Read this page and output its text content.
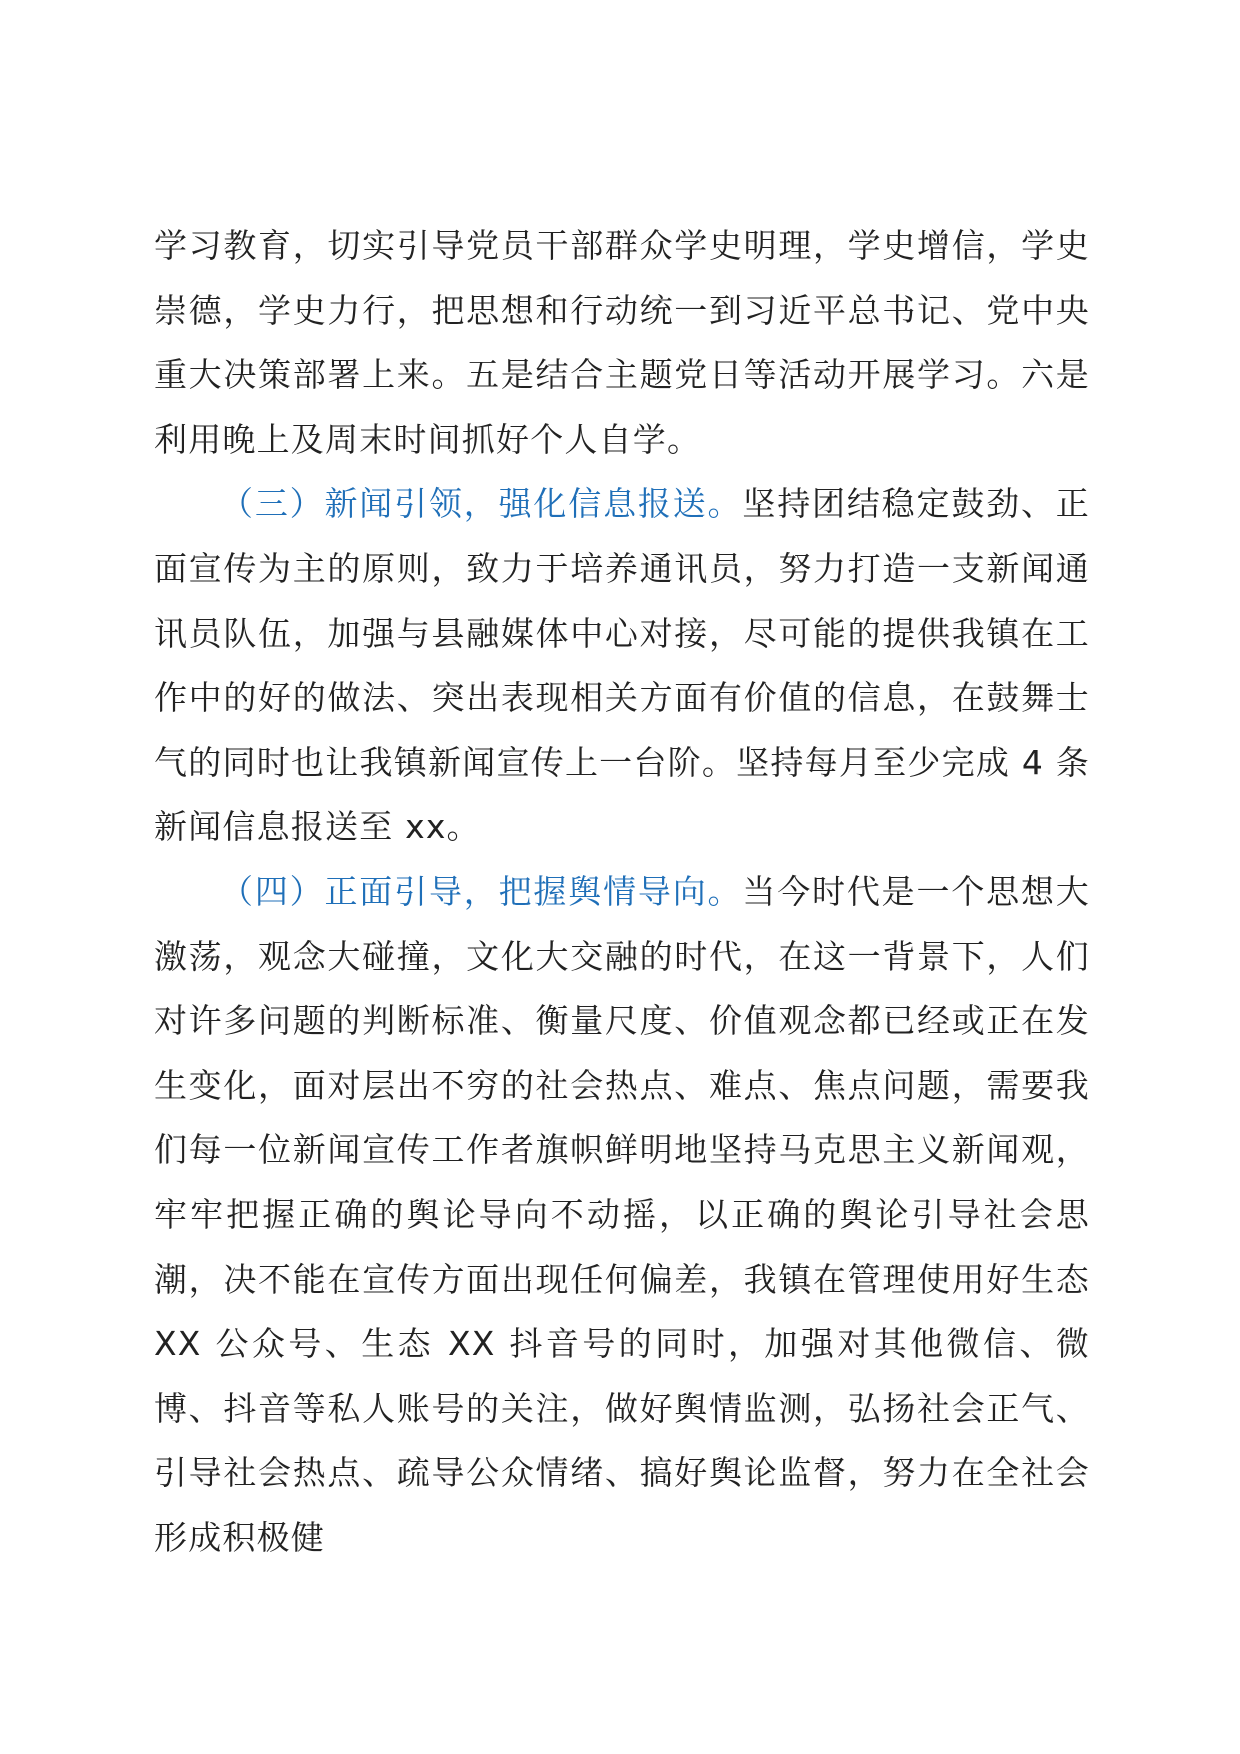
学习教育，切实引导党员干部群众学史明理，学史增信，学史崇德，学史力行，把思想和行动统一到习近平总书记、党中央重大决策部署上来。五是结合主题党日等活动开展学习。六是利用晚上及周末时间抓好个人自学。

（三）新闻引领，强化信息报送。坚持团结稳定鼓劲、正面宣传为主的原则，致力于培养通讯员，努力打造一支新闻通讯员队伍，加强与县融媒体中心对接，尽可能的提供我镇在工作中的好的做法、突出表现相关方面有价值的信息，在鼓舞士气的同时也让我镇新闻宣传上一台阶。坚持每月至少完成 4 条新闻信息报送至 xx。

（四）正面引导，把握舆情导向。当今时代是一个思想大激荡，观念大碰撞，文化大交融的时代，在这一背景下，人们对许多问题的判断标准、衡量尺度、价值观念都已经或正在发生变化，面对层出不穷的社会热点、难点、焦点问题，需要我们每一位新闻宣传工作者旗帜鲜明地坚持马克思主义新闻观，牢牢把握正确的舆论导向不动摇，以正确的舆论引导社会思潮，决不能在宣传方面出现任何偏差，我镇在管理使用好生态 XX 公众号、生态 XX 抖音号的同时，加强对其他微信、微博、抖音等私人账号的关注，做好舆情监测，弘扬社会正气、引导社会热点、疏导公众情绪、搞好舆论监督，努力在全社会形成积极健
